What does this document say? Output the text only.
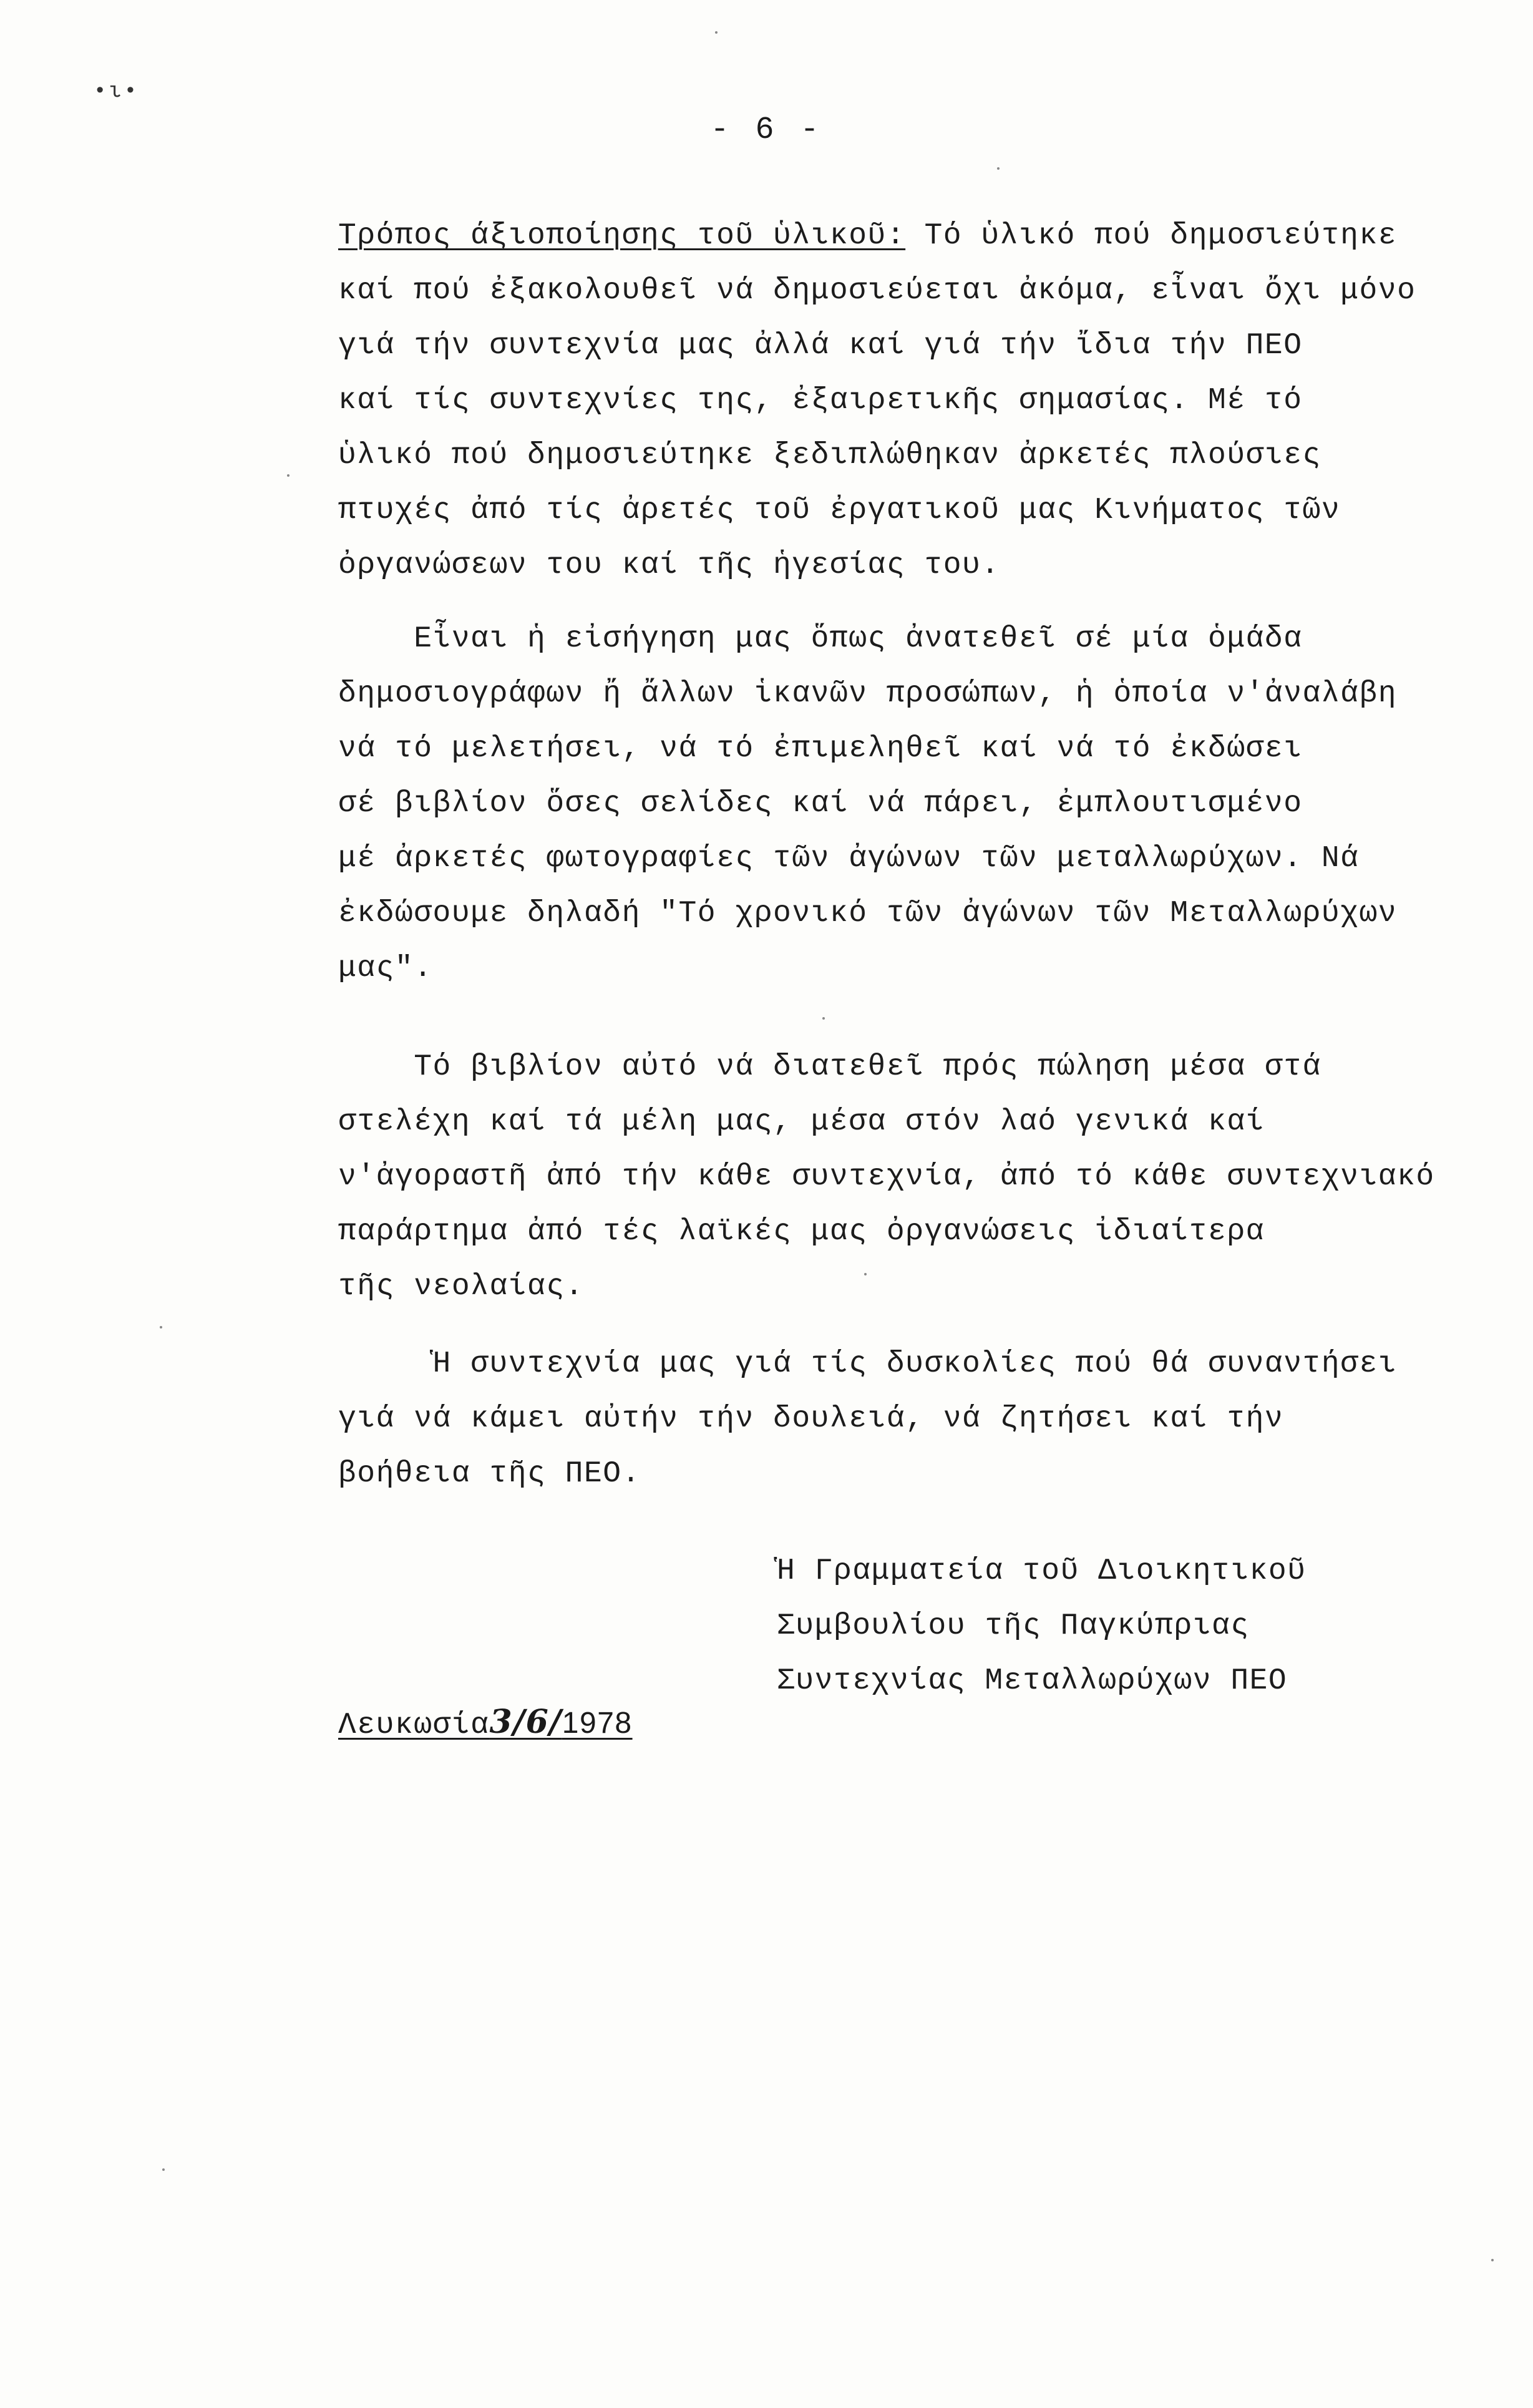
•ι•
- 6 -
Τρόπος άξιοποίησης τοῦ ὑλικοῦ: Τό ὑλικό πού δημοσιεύτηκε
καί πού ἐξακολουθεῖ νά δημοσιεύεται ἀκόμα, εἶναι ὄχι μόνο
γιά τήν συντεχνία μας ἀλλά καί γιά τήν ἴδια τήν ΠΕΟ
καί τίς συντεχνίες της, ἐξαιρετικῆς σημασίας. Μέ τό
ὑλικό πού δημοσιεύτηκε ξεδιπλώθηκαν ἀρκετές πλούσιες
πτυχές ἀπό τίς ἀρετές τοῦ ἐργατικοῦ μας Κινήματος τῶν
ὀργανώσεων του καί τῆς ἡγεσίας του.
Εἶναι ἡ εἰσήγηση μας ὅπως ἀνατεθεῖ σέ μία ὁμάδα
δημοσιογράφων ἤ ἄλλων ἱκανῶν προσώπων, ἡ ὁποία ν'ἀναλάβη
νά τό μελετήσει, νά τό ἐπιμεληθεῖ καί νά τό ἐκδώσει
σέ βιβλίον ὅσες σελίδες καί νά πάρει, ἐμπλουτισμένο
μέ ἀρκετές φωτογραφίες τῶν ἀγώνων τῶν μεταλλωρύχων. Νά
ἐκδώσουμε δηλαδή "Τό χρονικό τῶν ἀγώνων τῶν Μεταλλωρύχων
μας".
Τό βιβλίον αὐτό νά διατεθεῖ πρός πώληση μέσα στά
στελέχη καί τά μέλη μας, μέσα στόν λαό γενικά καί
ν'ἀγοραστῆ ἀπό τήν κάθε συντεχνία, ἀπό τό κάθε συντεχνιακό
παράρτημα ἀπό τές λαϊκές μας ὀργανώσεις ἰδιαίτερα
τῆς νεολαίας.
Ἡ συντεχνία μας γιά τίς δυσκολίες πού θά συναντήσει
γιά νά κάμει αὐτήν τήν δουλειά, νά ζητήσει καί τήν
βοήθεια τῆς ΠΕΟ.
Ἡ Γραμματεία τοῦ Διοικητικοῦ
Συμβουλίου τῆς Παγκύπριας
Συντεχνίας Μεταλλωρύχων ΠΕΟ
Λευκωσία3/6/1978
